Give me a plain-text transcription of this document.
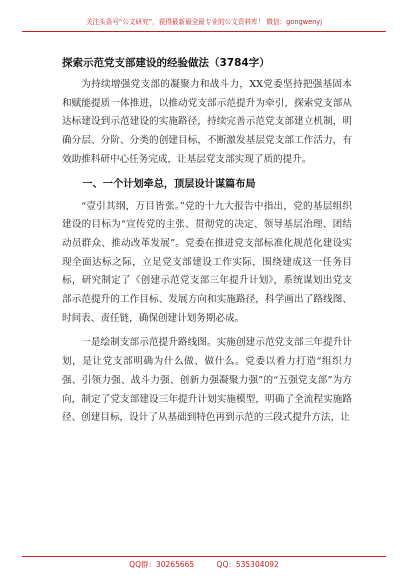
关注头条号“公文研究”，获得最新最全最专业的公文资料库！ 微信：gongwenyj
探索示范党支部建设的经验做法（3784字）

为持续增强党支部的凝聚力和战斗力，XX党委坚持把强基固本和赋能提质一体推进，以推动党支部示范提升为牵引，探索党支部从达标建设到示范建设的实施路径，持续完善示范党支部建立机制，明确分层、分阶、分类的创建目标，不断激发基层党支部工作活力，有效助推科研中心任务完成，让基层党支部实现了质的提升。

一、一个计划牵总，顶层设计谋篇布局

“壹引其纲，万目皆张。”党的十九大报告中指出，党的基层组织建设的目标为“宣传党的主张、贯彻党的决定、领导基层治理、团结动员群众、推动改革发展”。党委在推进党支部标准化规范化建设实现全面达标之际，立足党支部建设工作实际，围绕建成这一任务目标，研究制定了《创建示范党支部三年提升计划》，系统谋划出党支部示范提升的工作目标、发展方向和实施路径，科学画出了路线图、时间表、责任链，确保创建计划务期必成。

一是绘制支部示范提升路线图。实施创建示范党支部三年提升计划，是让党支部明确为什么做、做什么。党委以着力打造“组织力强、引领力强、战斗力强、创新力强凝聚力强”的“五强党支部”为方向，制定了党支部建设三年提升计划实施模型，明确了全流程实施路径、创建目标，设计了从基础到特色再到示范的三段式提升方法，让

QQ群：30265665	QQ：535304092
